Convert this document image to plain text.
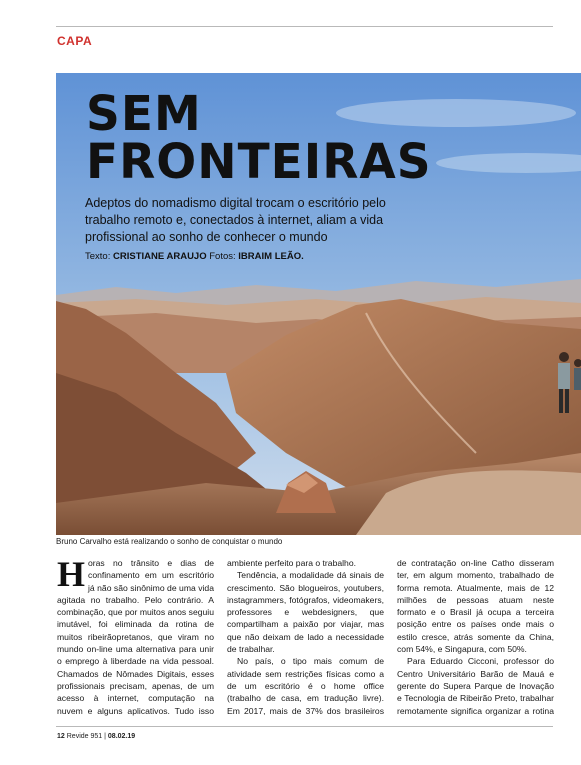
CAPA
SEM
FRONTEIRAS
Adeptos do nomadismo digital trocam o escritório pelo trabalho remoto e, conectados à internet, aliam a vida profissional ao sonho de conhecer o mundo
Texto: CRISTIANE ARAUJO Fotos: IBRAIM LEÃO.
Bruno Carvalho está realizando o sonho de conquistar o mundo

Horas no trânsito e dias de confinamento em um escritório já não são sinônimo de uma vida agitada no trabalho. Pelo contrário. A combinação, que por muitos anos seguiu imutável, foi eliminada da rotina de muitos ribeirãopretanos, que viram no mundo on-line uma alternativa para unir o emprego à liberdade na vida pessoal. Chamados de Nômades Digitais, esses profissionais precisam, apenas, de um acesso à internet, computação na nuvem e alguns aplicativos. Tudo isso

ambiente perfeito para o trabalho.

Tendência, a modalidade dá sinais de crescimento. São blogueiros, youtubers, instagrammers, fotógrafos, videomakers, professores e webdesigners, que compartilham a paixão por viajar, mas que não deixam de lado a necessidade de trabalhar.

No país, o tipo mais comum de atividade sem restrições físicas como a de um escritório é o home office (trabalho de casa, em tradução livre). Em 2017, mais de 37% dos brasileiros

de contratação on-line Catho disseram ter, em algum momento, trabalhado de forma remota. Atualmente, mais de 12 milhões de pessoas atuam neste formato e o Brasil já ocupa a terceira posição entre os países onde mais o estilo cresce, atrás somente da China, com 54%, e Singapura, com 50%.

Para Eduardo Cicconi, professor do Centro Universitário Barão de Mauá e gerente do Supera Parque de Inovação e Tecnologia de Ribeirão Preto, trabalhar remotamente significa organizar a rotina

12 Revide 951 | 08.02.19
